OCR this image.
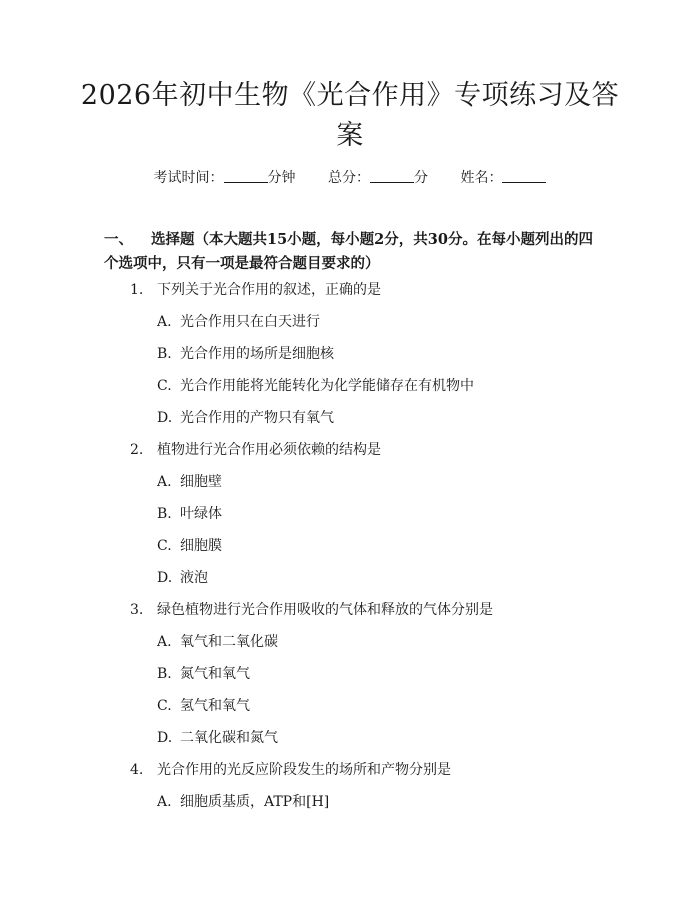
2026年初中生物《光合作用》专项练习及答案
考试时间：	分钟 总分：	分 姓名：
一、 选择题（本大题共15小题，每小题2分，共30分。在每小题列出的四个选项中，只有一项是最符合题目要求的）
1. 下列关于光合作用的叙述，正确的是
A. 光合作用只在白天进行
B. 光合作用的场所是细胞核
C. 光合作用能将光能转化为化学能储存在有机物中
D. 光合作用的产物只有氧气
2. 植物进行光合作用必须依赖的结构是
A. 细胞壁
B. 叶绿体
C. 细胞膜
D. 液泡
3. 绿色植物进行光合作用吸收的气体和释放的气体分别是
A. 氧气和二氧化碳
B. 氮气和氧气
C. 氢气和氧气
D. 二氧化碳和氮气
4. 光合作用的光反应阶段发生的场所和产物分别是
A. 细胞质基质，ATP和[H]
